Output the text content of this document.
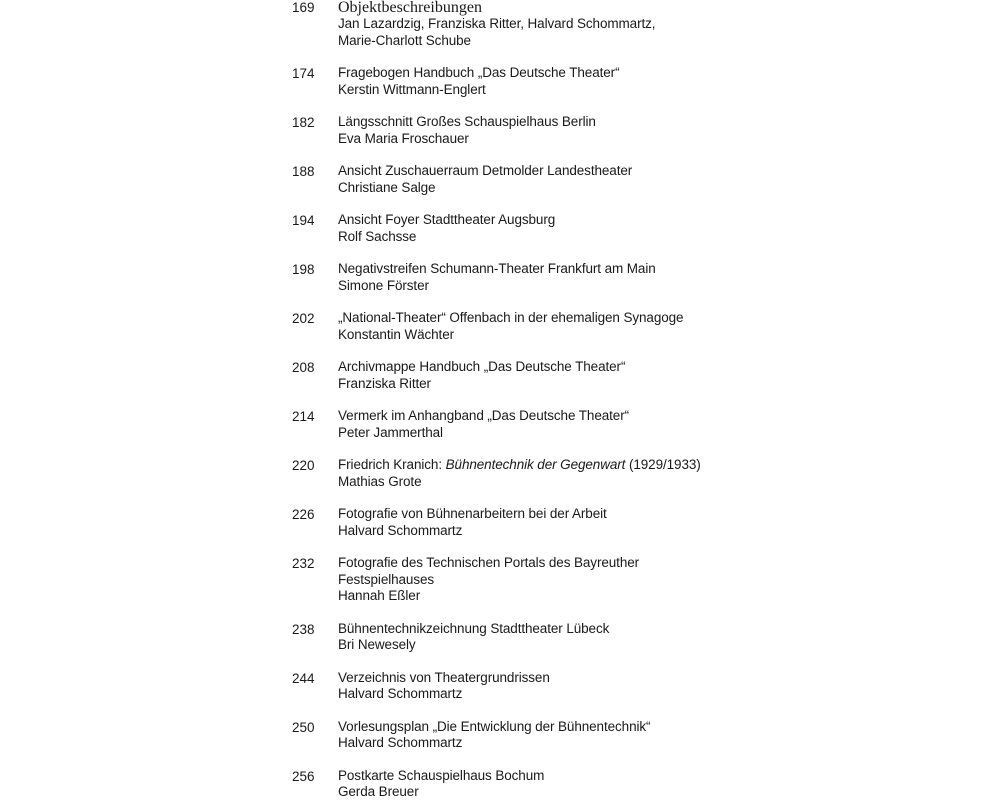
169	Objektbeschreibungen
Jan Lazardzig, Franziska Ritter, Halvard Schommartz,
Marie-Charlott Schube
174	Fragebogen Handbuch „Das Deutsche Theater“
Kerstin Wittmann-Englert
182	Längsschnitt Großes Schauspielhaus Berlin
Eva Maria Froschauer
188	Ansicht Zuschauerraum Detmolder Landestheater
Christiane Salge
194	Ansicht Foyer Stadttheater Augsburg
Rolf Sachsse
198	Negativstreifen Schumann-Theater Frankfurt am Main
Simone Förster
202	„National-Theater“ Offenbach in der ehemaligen Synagoge
Konstantin Wächter
208	Archivmappe Handbuch „Das Deutsche Theater“
Franziska Ritter
214	Vermerk im Anhangband „Das Deutsche Theater“
Peter Jammerthal
220	Friedrich Kranich: Bühnentechnik der Gegenwart (1929/1933)
Mathias Grote
226	Fotografie von Bühnenarbeitern bei der Arbeit
Halvard Schommartz
232	Fotografie des Technischen Portals des Bayreuther
Festspielhauses
Hannah Eßler
238	Bühnentechnikzeichnung Stadttheater Lübeck
Bri Newesely
244	Verzeichnis von Theatergrundrissen
Halvard Schommartz
250	Vorlesungsplan „Die Entwicklung der Bühnentechnik“
Halvard Schommartz
256	Postkarte Schauspielhaus Bochum
Gerda Breuer
